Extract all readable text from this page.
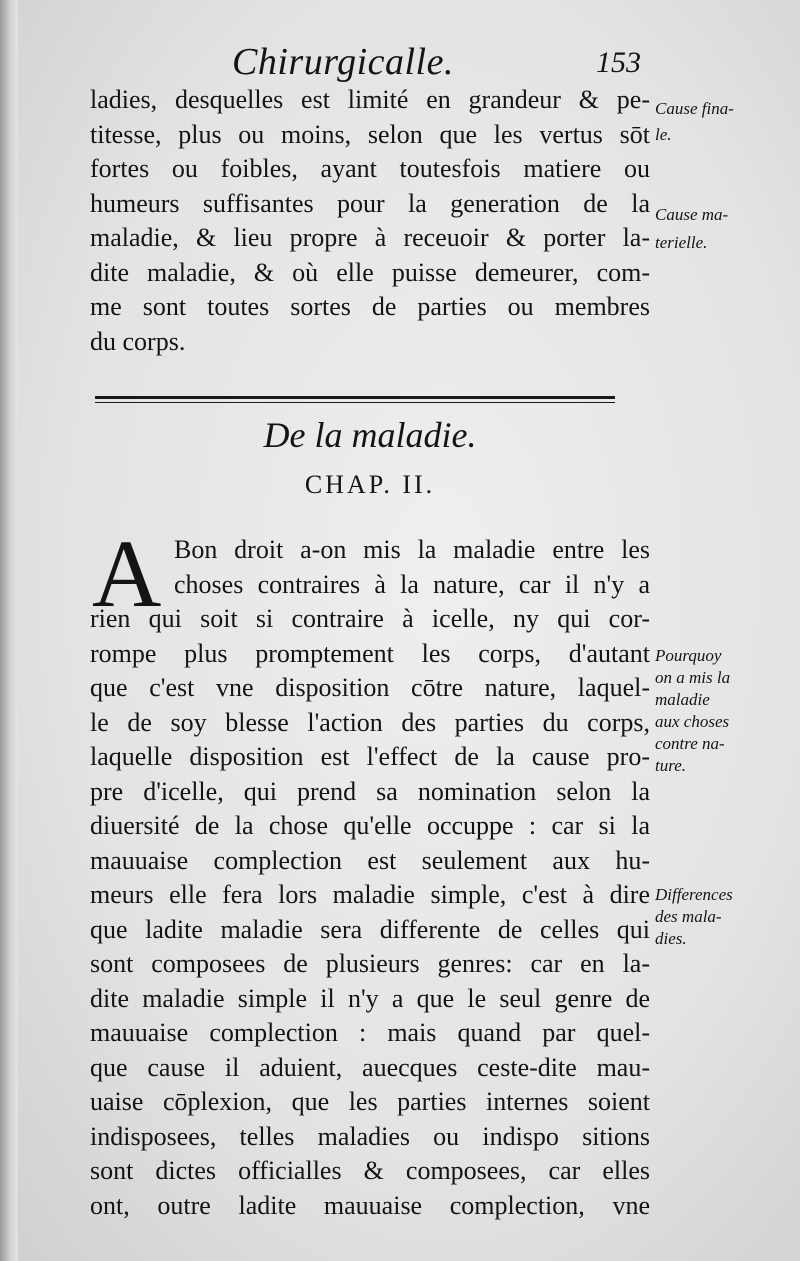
Chirurgicalle.	153
ladies, desquelles est limité en grandeur & pe-
titesse, plus ou moins, selon que les vertus sōt
fortes ou foibles, ayant toutesfois matiere ou
humeurs suffisantes pour la generation de la
maladie, & lieu propre à receuoir & porter la-
dite maladie, & où elle puisse demeurer, com-
me sont toutes sortes de parties ou membres
du corps.
De la maladie.
CHAP. II.
A Bon droit a-on mis la maladie entre les
choses contraires à la nature, car il n'y a
rien qui soit si contraire à icelle, ny qui cor-
rompe plus promptement les corps, d'autant
que c'est vne disposition cōtre nature, laquel-
le de soy blesse l'action des parties du corps,
laquelle disposition est l'effect de la cause pro-
pre d'icelle, qui prend sa nomination selon la
diuersité de la chose qu'elle occuppe : car si la
mauuaise complection est seulement aux hu-
meurs elle fera lors maladie simple, c'est à dire
que ladite maladie sera differente de celles qui
sont composees de plusieurs genres: car en la-
dite maladie simple il n'y a que le seul genre de
mauuaise complection : mais quand par quel-
que cause il aduient, auecques ceste-dite mau-
uaise cōplexion, que les parties internes soient
indisposees, telles maladies ou indispo sitions
sont dictes officialles & composees, car elles
ont, outre ladite mauuaise complection, vne

Cause fina-

le.

Cause ma-

terielle.

Pourquoy

on a mis la

maladie

aux choses

contre na-

ture.

Differences

des mala-

dies.
